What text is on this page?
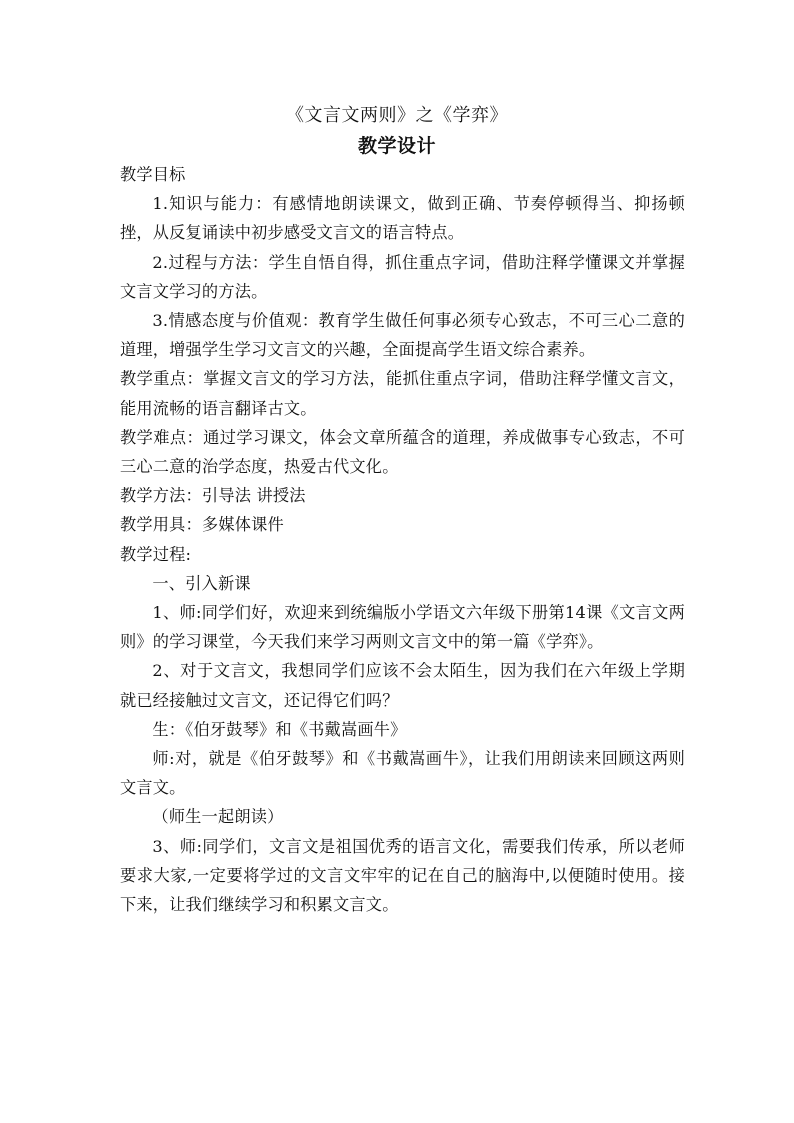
《文言文两则》之《学弈》
教学设计

教学目标

1.知识与能力：有感情地朗读课文，做到正确、节奏停顿得当、抑扬顿挫，从反复诵读中初步感受文言文的语言特点。

2.过程与方法：学生自悟自得，抓住重点字词，借助注释学懂课文并掌握文言文学习的方法。

3.情感态度与价值观：教育学生做任何事必须专心致志，不可三心二意的道理，增强学生学习文言文的兴趣，全面提高学生语文综合素养。

教学重点：掌握文言文的学习方法，能抓住重点字词，借助注释学懂文言文，能用流畅的语言翻译古文。

教学难点：通过学习课文，体会文章所蕴含的道理，养成做事专心致志，不可三心二意的治学态度，热爱古代文化。

教学方法：引导法 讲授法

教学用具：多媒体课件

教学过程:

一、引入新课

1、师:同学们好，欢迎来到统编版小学语文六年级下册第14课《文言文两则》的学习课堂，今天我们来学习两则文言文中的第一篇《学弈》。

2、对于文言文，我想同学们应该不会太陌生，因为我们在六年级上学期就已经接触过文言文，还记得它们吗？

生：《伯牙鼓琴》和《书戴嵩画牛》

师:对，就是《伯牙鼓琴》和《书戴嵩画牛》，让我们用朗读来回顾这两则文言文。

（师生一起朗读）

3、师:同学们，文言文是祖国优秀的语言文化，需要我们传承，所以老师要求大家,一定要将学过的文言文牢牢的记在自己的脑海中,以便随时使用。接下来，让我们继续学习和积累文言文。
